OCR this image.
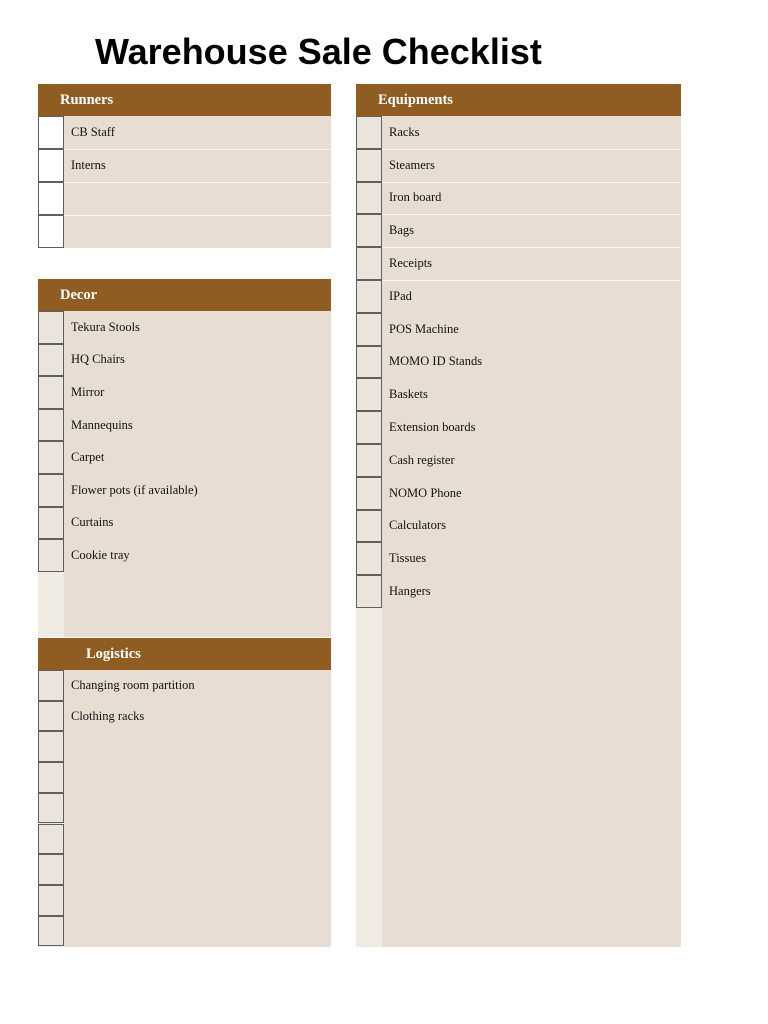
Warehouse Sale Checklist
Runners
CB Staff
Interns
Decor
Tekura Stools
HQ Chairs
Mirror
Mannequins
Carpet
Flower pots (if available)
Curtains
Cookie tray
Logistics
Changing room partition
Clothing racks
Equipments
Racks
Steamers
Iron board
Bags
Receipts
IPad
POS Machine
MOMO ID Stands
Baskets
Extension boards
Cash register
NOMO Phone
Calculators
Tissues
Hangers
